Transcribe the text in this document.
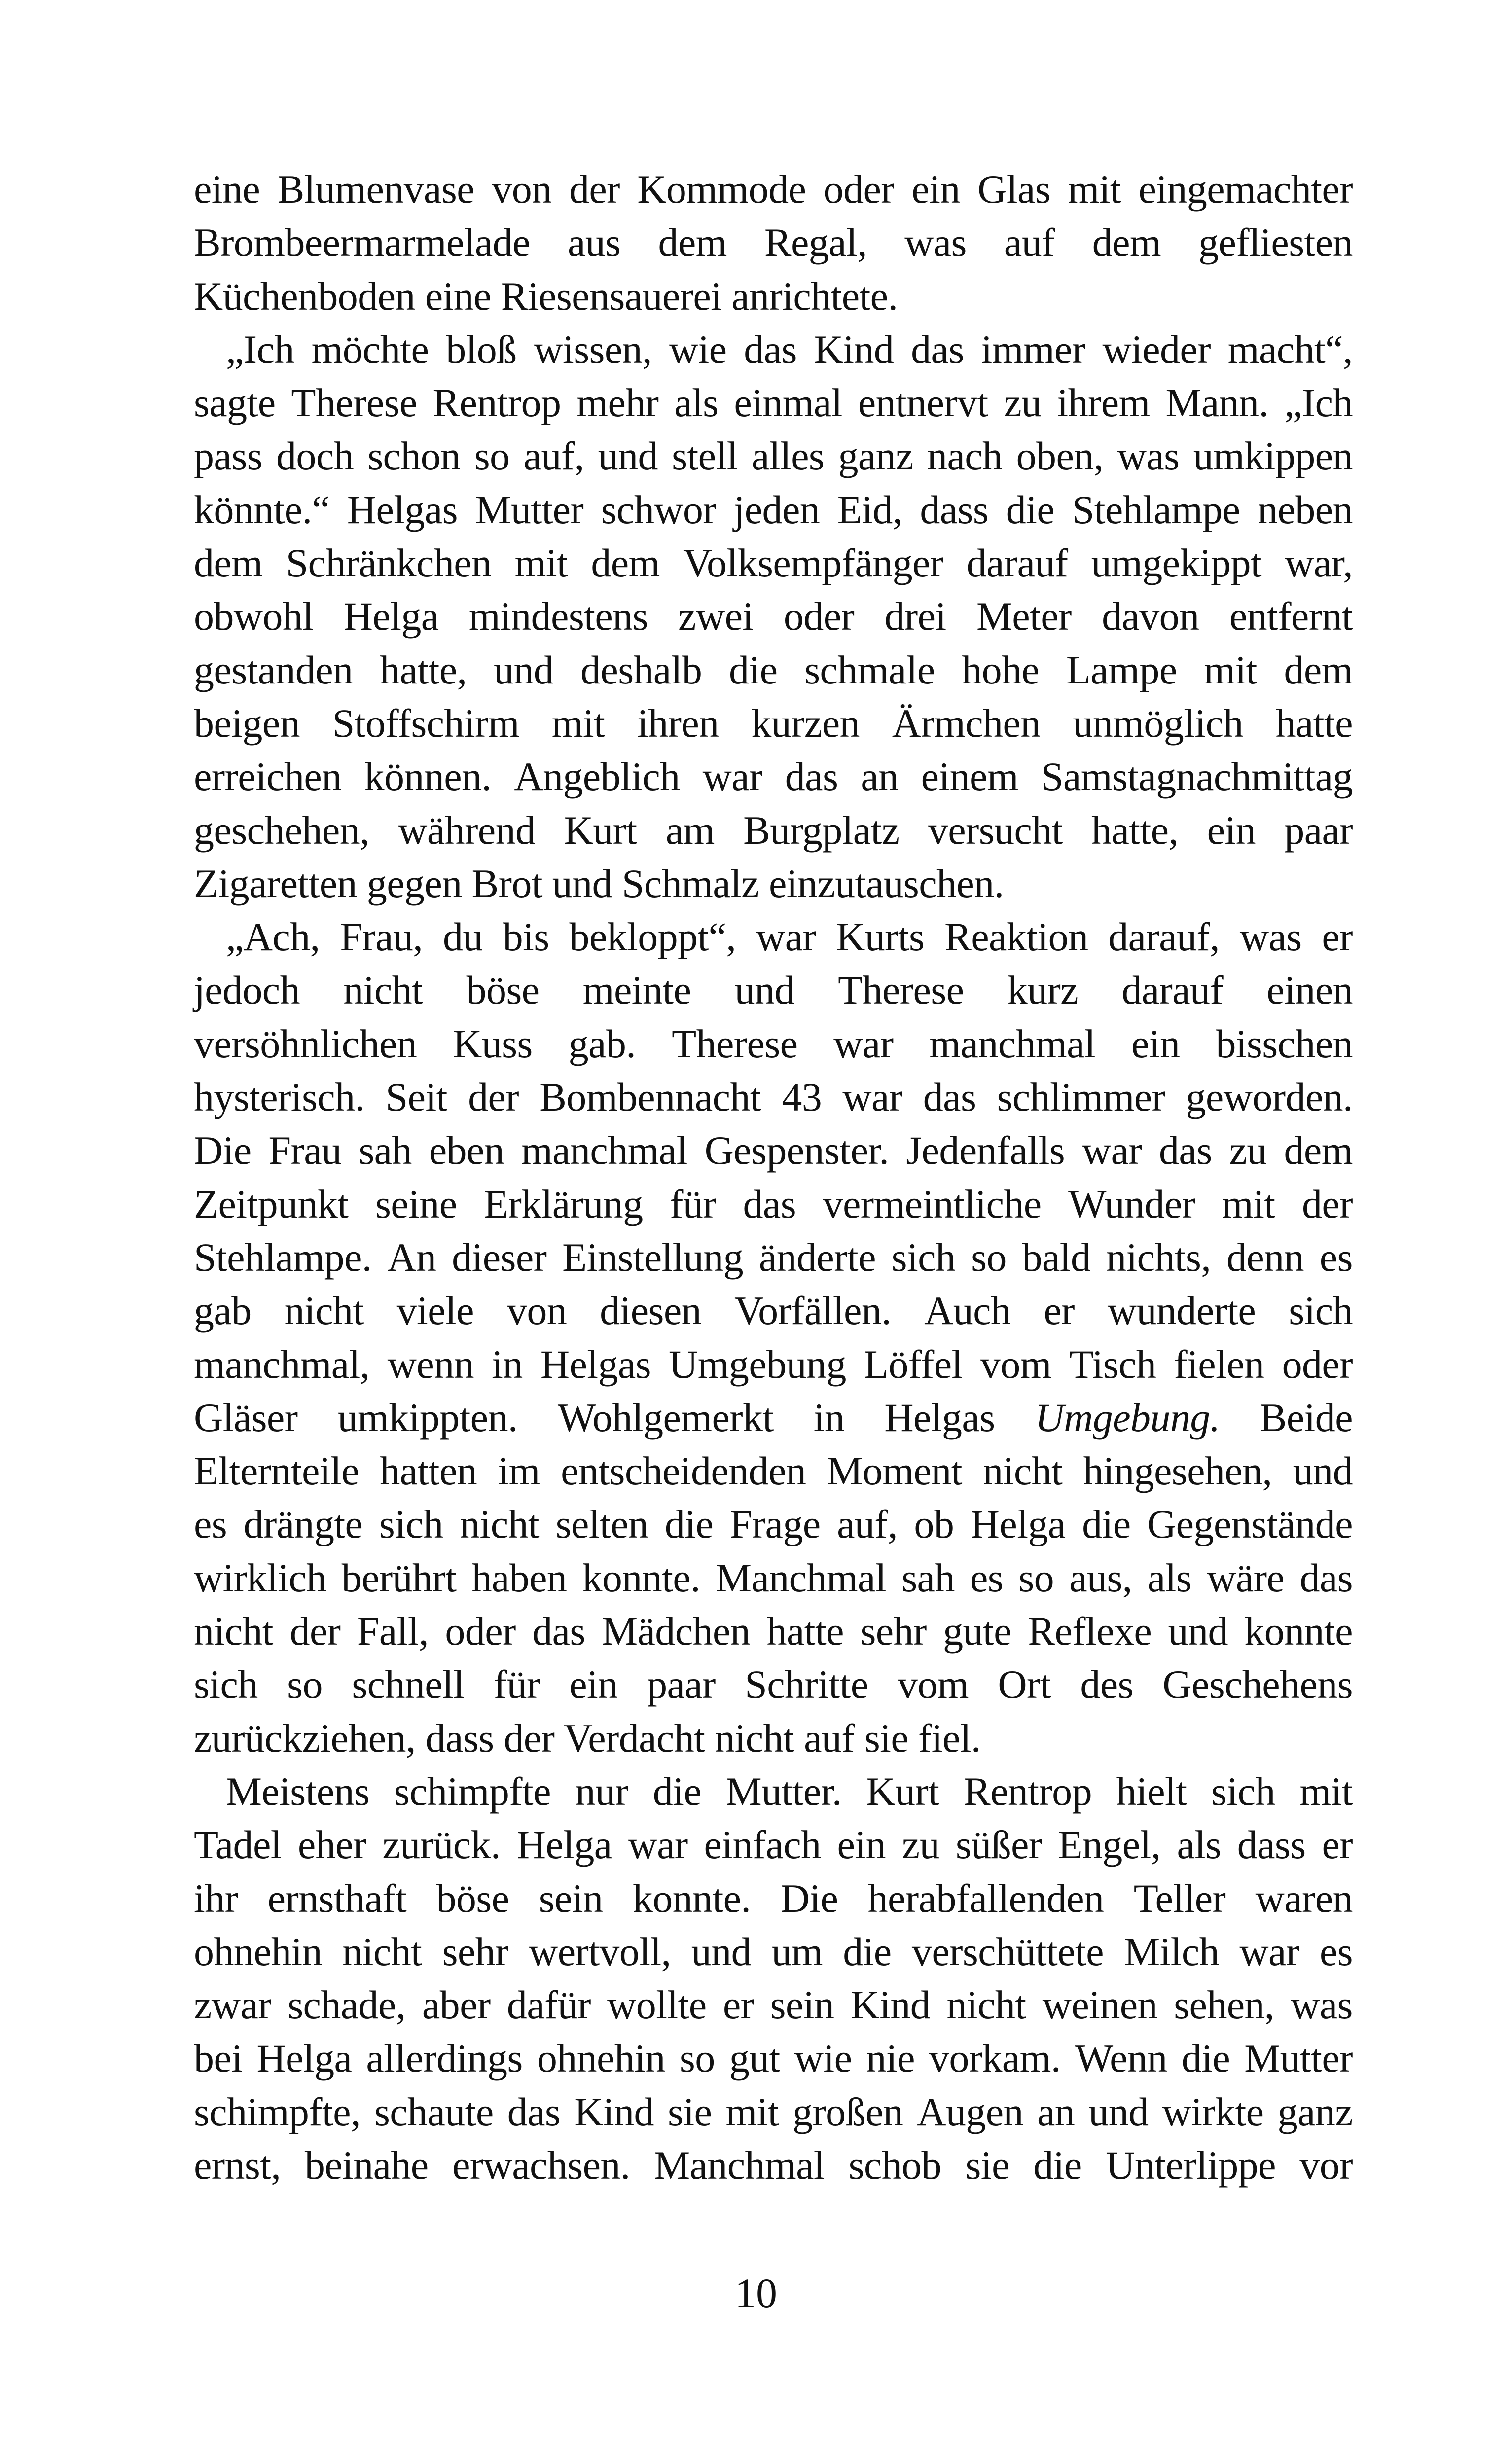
eine Blumenvase von der Kommode oder ein Glas mit eingemachter
Brombeermarmelade aus dem Regal, was auf dem gefliesten
Küchenboden eine Riesensauerei anrichtete.
„Ich möchte bloß wissen, wie das Kind das immer wieder macht“,
sagte Therese Rentrop mehr als einmal entnervt zu ihrem Mann. „Ich
pass doch schon so auf, und stell alles ganz nach oben, was umkippen
könnte.“ Helgas Mutter schwor jeden Eid, dass die Stehlampe neben
dem Schränkchen mit dem Volksempfänger darauf umgekippt war,
obwohl Helga mindestens zwei oder drei Meter davon entfernt
gestanden hatte, und deshalb die schmale hohe Lampe mit dem
beigen Stoffschirm mit ihren kurzen Ärmchen unmöglich hatte
erreichen können. Angeblich war das an einem Samstagnachmittag
geschehen, während Kurt am Burgplatz versucht hatte, ein paar
Zigaretten gegen Brot und Schmalz einzutauschen.
„Ach, Frau, du bis bekloppt“, war Kurts Reaktion darauf, was er
jedoch nicht böse meinte und Therese kurz darauf einen
versöhnlichen Kuss gab. Therese war manchmal ein bisschen
hysterisch. Seit der Bombennacht 43 war das schlimmer geworden.
Die Frau sah eben manchmal Gespenster. Jedenfalls war das zu dem
Zeitpunkt seine Erklärung für das vermeintliche Wunder mit der
Stehlampe. An dieser Einstellung änderte sich so bald nichts, denn es
gab nicht viele von diesen Vorfällen. Auch er wunderte sich
manchmal, wenn in Helgas Umgebung Löffel vom Tisch fielen oder
Gläser umkippten. Wohlgemerkt in Helgas Umgebung. Beide
Elternteile hatten im entscheidenden Moment nicht hingesehen, und
es drängte sich nicht selten die Frage auf, ob Helga die Gegenstände
wirklich berührt haben konnte. Manchmal sah es so aus, als wäre das
nicht der Fall, oder das Mädchen hatte sehr gute Reflexe und konnte
sich so schnell für ein paar Schritte vom Ort des Geschehens
zurückziehen, dass der Verdacht nicht auf sie fiel.
Meistens schimpfte nur die Mutter. Kurt Rentrop hielt sich mit
Tadel eher zurück. Helga war einfach ein zu süßer Engel, als dass er
ihr ernsthaft böse sein konnte. Die herabfallenden Teller waren
ohnehin nicht sehr wertvoll, und um die verschüttete Milch war es
zwar schade, aber dafür wollte er sein Kind nicht weinen sehen, was
bei Helga allerdings ohnehin so gut wie nie vorkam. Wenn die Mutter
schimpfte, schaute das Kind sie mit großen Augen an und wirkte ganz
ernst, beinahe erwachsen. Manchmal schob sie die Unterlippe vor
10
